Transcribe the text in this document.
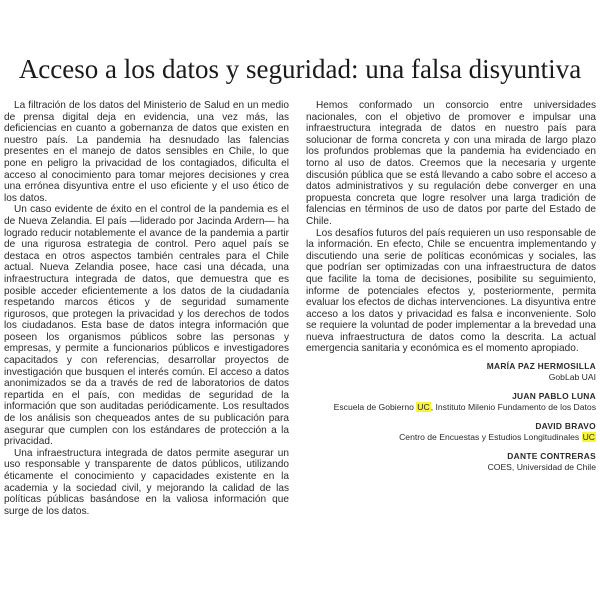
Acceso a los datos y seguridad: una falsa disyuntiva

La filtración de los datos del Ministerio de Salud en un medio de prensa digital deja en evidencia, una vez más, las deficiencias en cuanto a gobernanza de datos que existen en nuestro país. La pandemia ha desnudado las falencias presentes en el manejo de datos sensibles en Chile, lo que pone en peligro la privacidad de los contagiados, dificulta el acceso al conocimiento para tomar mejores decisiones y crea una errónea disyuntiva entre el uso eficiente y el uso ético de los datos.

Un caso evidente de éxito en el control de la pandemia es el de Nueva Zelandia. El país —liderado por Jacinda Ardern— ha logrado reducir notablemente el avance de la pandemia a partir de una rigurosa estrategia de control. Pero aquel país se destaca en otros aspectos también centrales para el Chile actual. Nueva Zelandia posee, hace casi una década, una infraestructura integrada de datos, que demuestra que es posible acceder eficientemente a los datos de la ciudadanía respetando marcos éticos y de seguridad sumamente rigurosos, que protegen la privacidad y los derechos de todos los ciudadanos. Esta base de datos integra información que poseen los organismos públicos sobre las personas y empresas, y permite a funcionarios públicos e investigadores capacitados y con referencias, desarrollar proyectos de investigación que busquen el interés común. El acceso a datos anonimizados se da a través de red de laboratorios de datos repartida en el país, con medidas de seguridad de la información que son auditadas periódicamente. Los resultados de los análisis son chequeados antes de su publicación para asegurar que cumplen con los estándares de protección a la privacidad.

Una infraestructura integrada de datos permite asegurar un uso responsable y transparente de datos públicos, utilizando éticamente el conocimiento y capacidades existente en la academia y la sociedad civil, y mejorando la calidad de las políticas públicas basándose en la valiosa información que surge de los datos.

Hemos conformado un consorcio entre universidades nacionales, con el objetivo de promover e impulsar una infraestructura integrada de datos en nuestro país para solucionar de forma concreta y con una mirada de largo plazo los profundos problemas que la pandemia ha evidenciado en torno al uso de datos. Creemos que la necesaria y urgente discusión pública que se está llevando a cabo sobre el acceso a datos administrativos y su regulación debe converger en una propuesta concreta que logre resolver una larga tradición de falencias en términos de uso de datos por parte del Estado de Chile.

Los desafíos futuros del país requieren un uso responsable de la información. En efecto, Chile se encuentra implementando y discutiendo una serie de políticas económicas y sociales, las que podrían ser optimizadas con una infraestructura de datos que facilite la toma de decisiones, posibilite su seguimiento, informe de potenciales efectos y, posteriormente, permita evaluar los efectos de dichas intervenciones. La disyuntiva entre acceso a los datos y privacidad es falsa e inconveniente. Solo se requiere la voluntad de poder implementar a la brevedad una nueva infraestructura de datos como la descrita. La actual emergencia sanitaria y económica es el momento apropiado.

MARÍA PAZ HERMOSILLA
GobLab UAI
JUAN PABLO LUNA
Escuela de Gobierno UC, Instituto Milenio Fundamento de los Datos
DAVID BRAVO
Centro de Encuestas y Estudios Longitudinales UC
DANTE CONTRERAS
COES, Universidad de Chile
